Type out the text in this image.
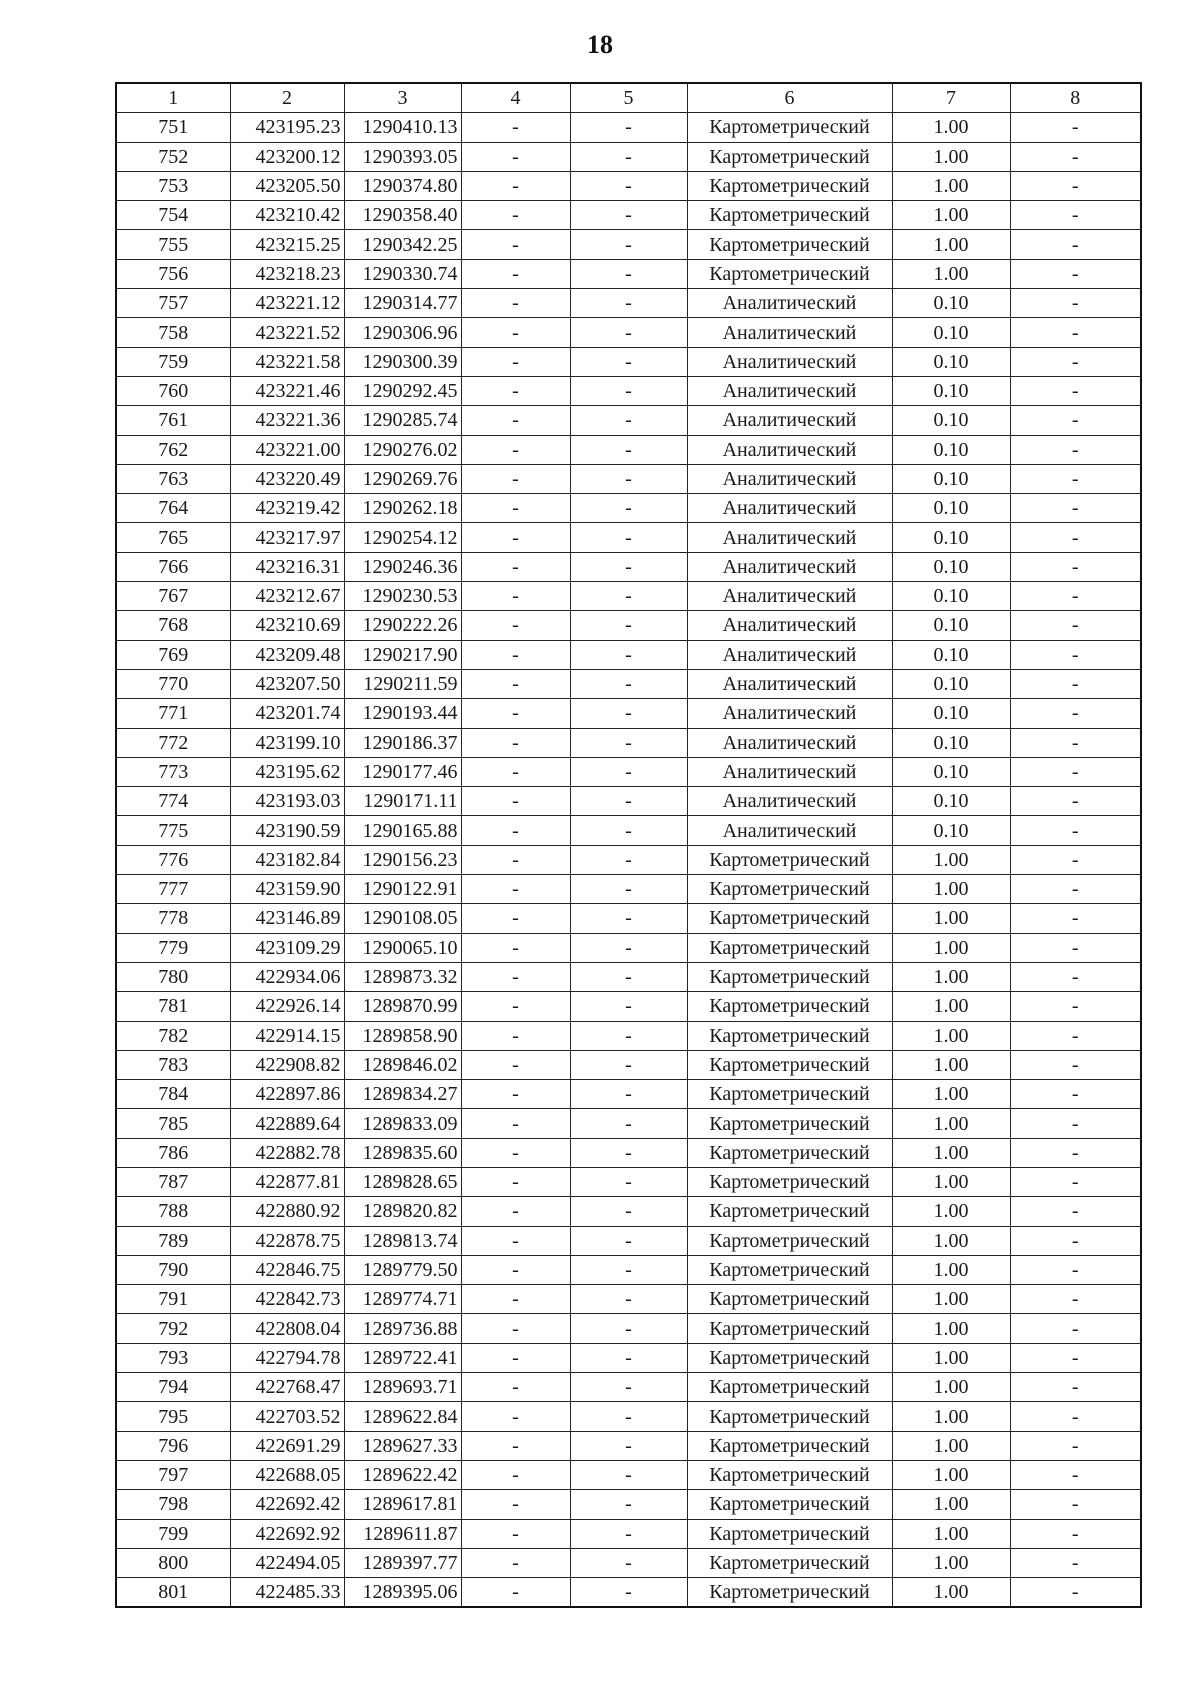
18
1	2	3	4	5	6	7	8
751	423195.23	1290410.13	-	-	Картометрический	1.00	-
752	423200.12	1290393.05	-	-	Картометрический	1.00	-
753	423205.50	1290374.80	-	-	Картометрический	1.00	-
754	423210.42	1290358.40	-	-	Картометрический	1.00	-
755	423215.25	1290342.25	-	-	Картометрический	1.00	-
756	423218.23	1290330.74	-	-	Картометрический	1.00	-
757	423221.12	1290314.77	-	-	Аналитический	0.10	-
758	423221.52	1290306.96	-	-	Аналитический	0.10	-
759	423221.58	1290300.39	-	-	Аналитический	0.10	-
760	423221.46	1290292.45	-	-	Аналитический	0.10	-
761	423221.36	1290285.74	-	-	Аналитический	0.10	-
762	423221.00	1290276.02	-	-	Аналитический	0.10	-
763	423220.49	1290269.76	-	-	Аналитический	0.10	-
764	423219.42	1290262.18	-	-	Аналитический	0.10	-
765	423217.97	1290254.12	-	-	Аналитический	0.10	-
766	423216.31	1290246.36	-	-	Аналитический	0.10	-
767	423212.67	1290230.53	-	-	Аналитический	0.10	-
768	423210.69	1290222.26	-	-	Аналитический	0.10	-
769	423209.48	1290217.90	-	-	Аналитический	0.10	-
770	423207.50	1290211.59	-	-	Аналитический	0.10	-
771	423201.74	1290193.44	-	-	Аналитический	0.10	-
772	423199.10	1290186.37	-	-	Аналитический	0.10	-
773	423195.62	1290177.46	-	-	Аналитический	0.10	-
774	423193.03	1290171.11	-	-	Аналитический	0.10	-
775	423190.59	1290165.88	-	-	Аналитический	0.10	-
776	423182.84	1290156.23	-	-	Картометрический	1.00	-
777	423159.90	1290122.91	-	-	Картометрический	1.00	-
778	423146.89	1290108.05	-	-	Картометрический	1.00	-
779	423109.29	1290065.10	-	-	Картометрический	1.00	-
780	422934.06	1289873.32	-	-	Картометрический	1.00	-
781	422926.14	1289870.99	-	-	Картометрический	1.00	-
782	422914.15	1289858.90	-	-	Картометрический	1.00	-
783	422908.82	1289846.02	-	-	Картометрический	1.00	-
784	422897.86	1289834.27	-	-	Картометрический	1.00	-
785	422889.64	1289833.09	-	-	Картометрический	1.00	-
786	422882.78	1289835.60	-	-	Картометрический	1.00	-
787	422877.81	1289828.65	-	-	Картометрический	1.00	-
788	422880.92	1289820.82	-	-	Картометрический	1.00	-
789	422878.75	1289813.74	-	-	Картометрический	1.00	-
790	422846.75	1289779.50	-	-	Картометрический	1.00	-
791	422842.73	1289774.71	-	-	Картометрический	1.00	-
792	422808.04	1289736.88	-	-	Картометрический	1.00	-
793	422794.78	1289722.41	-	-	Картометрический	1.00	-
794	422768.47	1289693.71	-	-	Картометрический	1.00	-
795	422703.52	1289622.84	-	-	Картометрический	1.00	-
796	422691.29	1289627.33	-	-	Картометрический	1.00	-
797	422688.05	1289622.42	-	-	Картометрический	1.00	-
798	422692.42	1289617.81	-	-	Картометрический	1.00	-
799	422692.92	1289611.87	-	-	Картометрический	1.00	-
800	422494.05	1289397.77	-	-	Картометрический	1.00	-
801	422485.33	1289395.06	-	-	Картометрический	1.00	-
